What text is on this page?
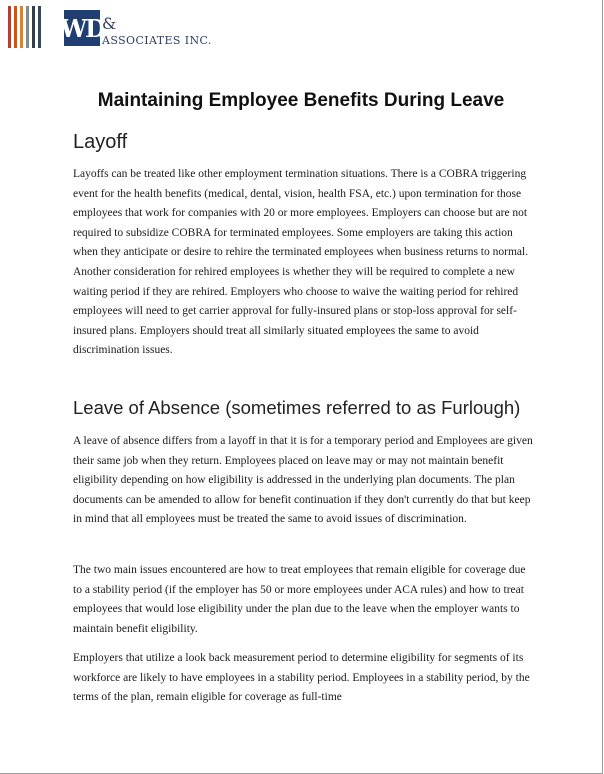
WD
&
ASSOCIATES INC.
Maintaining Employee Benefits During Leave
Layoff

Layoffs can be treated like other employment termination situations. There is a COBRA triggering event for the health benefits (medical, dental, vision, health FSA, etc.) upon termination for those employees that work for companies with 20 or more employees. Employers can choose but are not required to subsidize COBRA for terminated employees. Some employers are taking this action when they anticipate or desire to rehire the terminated employees when business returns to normal. Another consideration for rehired employees is whether they will be required to complete a new waiting period if they are rehired. Employers who choose to waive the waiting period for rehired employees will need to get carrier approval for fully-insured plans or stop-loss approval for self-insured plans. Employers should treat all similarly situated employees the same to avoid discrimination issues.

Leave of Absence (sometimes referred to as Furlough)

A leave of absence differs from a layoff in that it is for a temporary period and Employees are given their same job when they return. Employees placed on leave may or may not maintain benefit eligibility depending on how eligibility is addressed in the underlying plan documents. The plan documents can be amended to allow for benefit continuation if they don't currently do that but keep in mind that all employees must be treated the same to avoid issues of discrimination.

The two main issues encountered are how to treat employees that remain eligible for coverage due to a stability period (if the employer has 50 or more employees under ACA rules) and how to treat employees that would lose eligibility under the plan due to the leave when the employer wants to maintain benefit eligibility.

Employers that utilize a look back measurement period to determine eligibility for segments of its workforce are likely to have employees in a stability period. Employees in a stability period, by the terms of the plan, remain eligible for coverage as full-time
